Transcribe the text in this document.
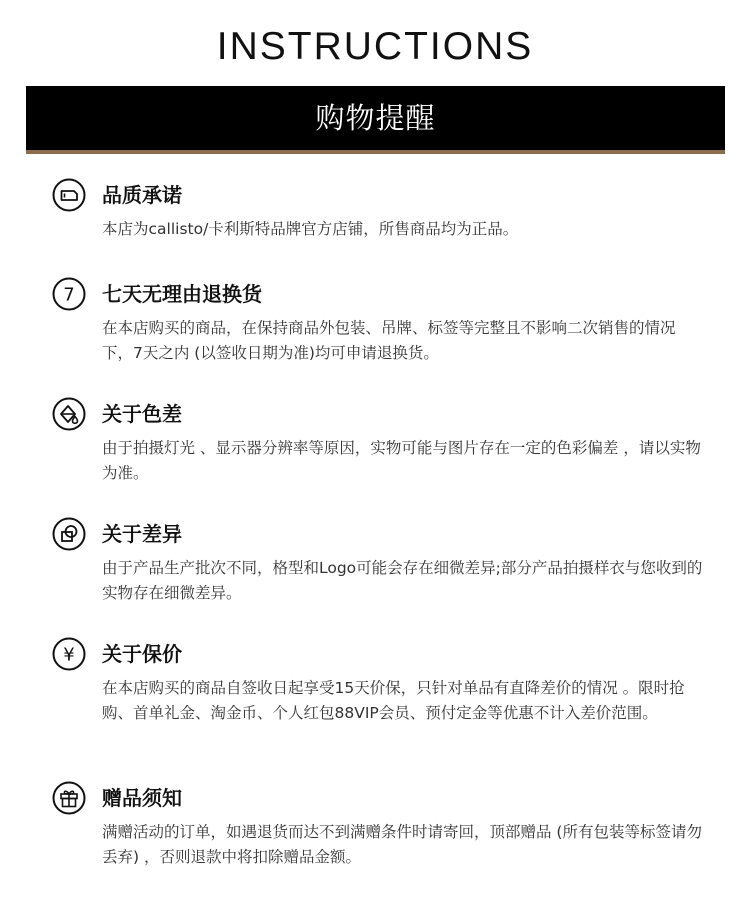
INSTRUCTIONS
购物提醒
品质承诺
本店为callisto/卡利斯特品牌官方店铺，所售商品均为正品。
7 七天无理由退换货
在本店购买的商品，在保持商品外包装、吊牌、标签等完整且不影响二次销售的情况下，7天之内 (以签收日期为准)均可申请退换货。
关于色差
由于拍摄灯光 、显示器分辨率等原因，实物可能与图片存在一定的色彩偏差 ，请以实物为准。
关于差异
由于产品生产批次不同，格型和Logo可能会存在细微差异;部分产品拍摄样衣与您收到的实物存在细微差异。
¥ 关于保价
在本店购买的商品自签收日起享受15天价保，只针对单品有直降差价的情况 。限时抢购、首单礼金、淘金币、个人红包88VIP会员、预付定金等优惠不计入差价范围。
赠品须知
满赠活动的订单，如遇退货而达不到满赠条件时请寄回，顶部赠品 (所有包装等标签请勿丢弃) ，否则退款中将扣除赠品金额。
